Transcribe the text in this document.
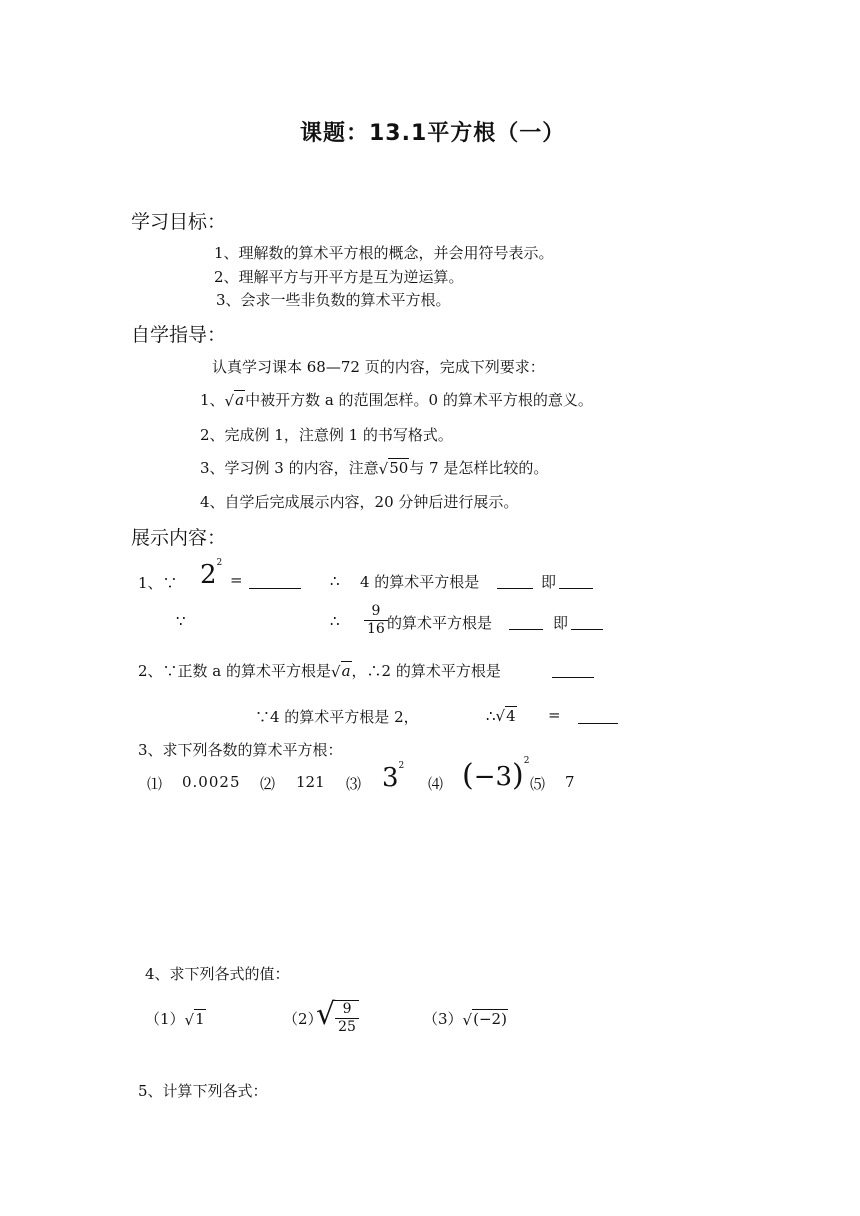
课题：13.1平方根（一）
学习目标：
1、理解数的算术平方根的概念，并会用符号表示。
2、理解平方与开平方是互为逆运算。
3、会求一些非负数的算术平方根。
自学指导：
认真学习课本 68—72 页的内容，完成下列要求：
1、√a中被开方数 a 的范围怎样。0 的算术平方根的意义。
2、完成例 1，注意例 1 的书写格式。
3、学习例 3 的内容，注意√50与 7 是怎样比较的。
4、自学后完成展示内容，20 分钟后进行展示。
展示内容：
1、∵ $2^2$
=	∴ 4 的算术平方根是	即
∵	∴ $\frac{9}{16}$ 的算术平方根是	即
2、∵正数 a 的算术平方根是√a，∴2 的算术平方根是
∵4 的算术平方根是 2，	∴√4 =
3、求下列各数的算术平方根：
⑴ 0.0025 ⑵ 121 ⑶ $3^2$
⑷ $(-3)^2$
⑸ 7
4、求下列各式的值：
（1）√1	（2）
√ $\frac{9}{25}$	（3）√(−2)
5、计算下列各式：
